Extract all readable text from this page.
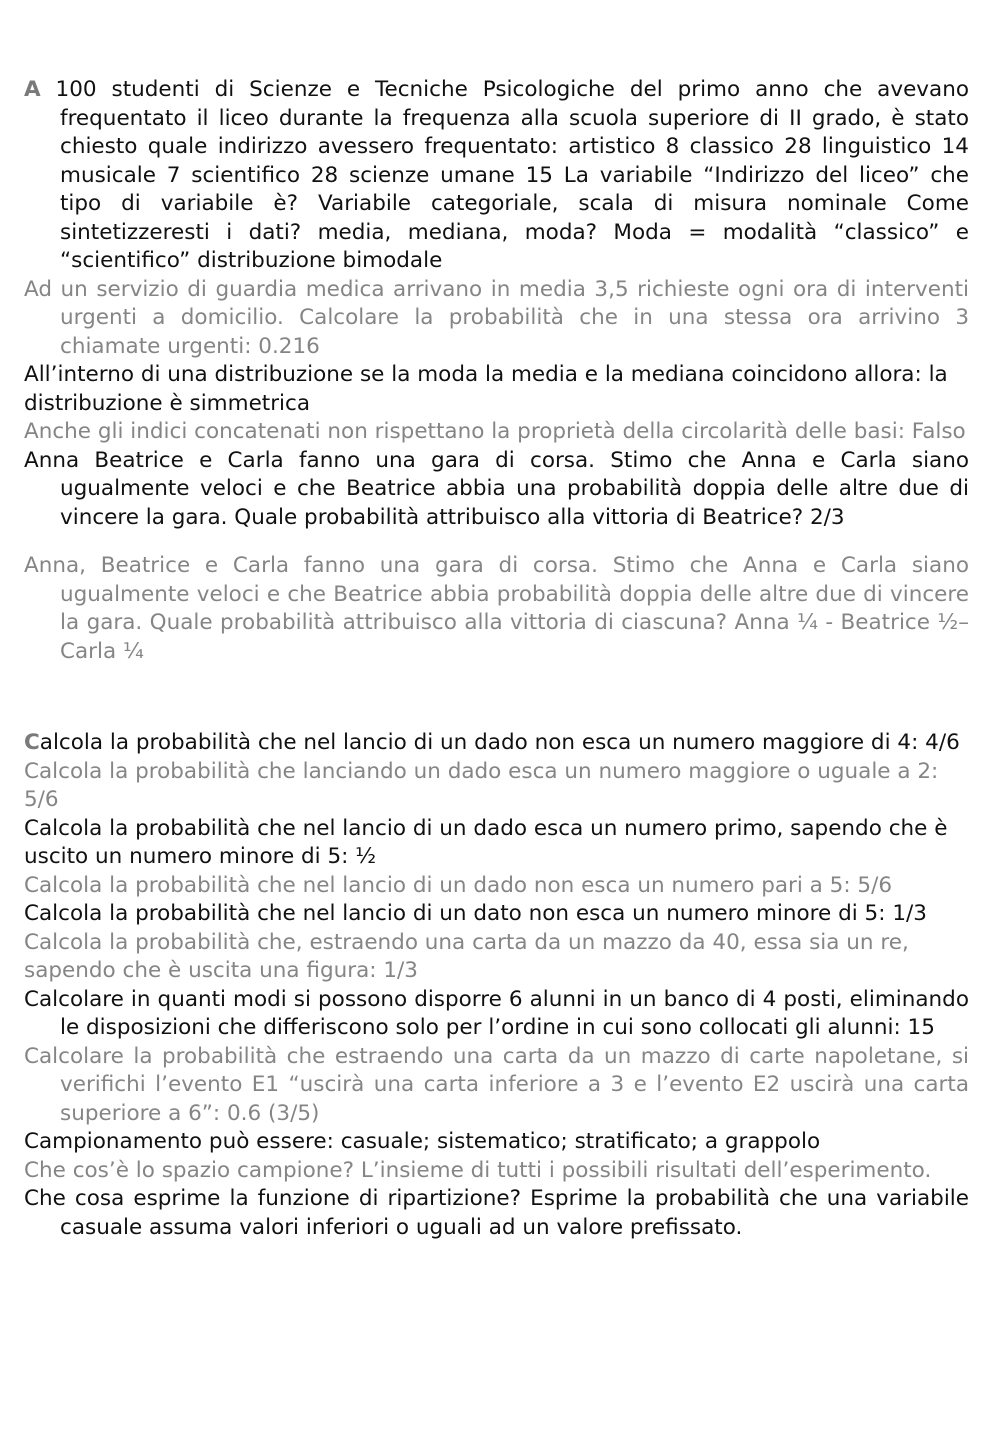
A 100 studenti di Scienze e Tecniche Psicologiche del primo anno che avevano frequentato il liceo durante la frequenza alla scuola superiore di II grado, è stato chiesto quale indirizzo avessero frequentato: artistico 8 classico 28 linguistico 14 musicale 7 scientifico 28 scienze umane 15 La variabile “Indirizzo del liceo” che tipo di variabile è? Variabile categoriale, scala di misura nominale Come sintetizzeresti i dati? media, mediana, moda? Moda = modalità “classico” e “scientifico” distribuzione bimodale

Ad un servizio di guardia medica arrivano in media 3,5 richieste ogni ora di interventi urgenti a domicilio. Calcolare la probabilità che in una stessa ora arrivino 3 chiamate urgenti: 0.216

All’interno di una distribuzione se la moda la media e la mediana coincidono allora: la distribuzione è simmetrica

Anche gli indici concatenati non rispettano la proprietà della circolarità delle basi: Falso

Anna Beatrice e Carla fanno una gara di corsa. Stimo che Anna e Carla siano ugualmente veloci e che Beatrice abbia una probabilità doppia delle altre due di vincere la gara. Quale probabilità attribuisco alla vittoria di Beatrice? 2/3

Anna, Beatrice e Carla fanno una gara di corsa. Stimo che Anna e Carla siano ugualmente veloci e che Beatrice abbia probabilità doppia delle altre due di vincere la gara. Quale probabilità attribuisco alla vittoria di ciascuna? Anna ¼ - Beatrice ½– Carla ¼

Calcola la probabilità che nel lancio di un dado non esca un numero maggiore di 4: 4/6

Calcola la probabilità che lanciando un dado esca un numero maggiore o uguale a 2: 5/6

Calcola la probabilità che nel lancio di un dado esca un numero primo, sapendo che è uscito un numero minore di 5: ½

Calcola la probabilità che nel lancio di un dado non esca un numero pari a 5: 5/6

Calcola la probabilità che nel lancio di un dato non esca un numero minore di 5: 1/3

Calcola la probabilità che, estraendo una carta da un mazzo da 40, essa sia un re, sapendo che è uscita una figura: 1/3

Calcolare in quanti modi si possono disporre 6 alunni in un banco di 4 posti, eliminando le disposizioni che differiscono solo per l’ordine in cui sono collocati gli alunni: 15

Calcolare la probabilità che estraendo una carta da un mazzo di carte napoletane, si verifichi l’evento E1 “uscirà una carta inferiore a 3 e l’evento E2 uscirà una carta superiore a 6”: 0.6 (3/5)

Campionamento può essere: casuale; sistematico; stratificato; a grappolo

Che cos’è lo spazio campione? L’insieme di tutti i possibili risultati dell’esperimento.

Che cosa esprime la funzione di ripartizione? Esprime la probabilità che una variabile casuale assuma valori inferiori o uguali ad un valore prefissato.
